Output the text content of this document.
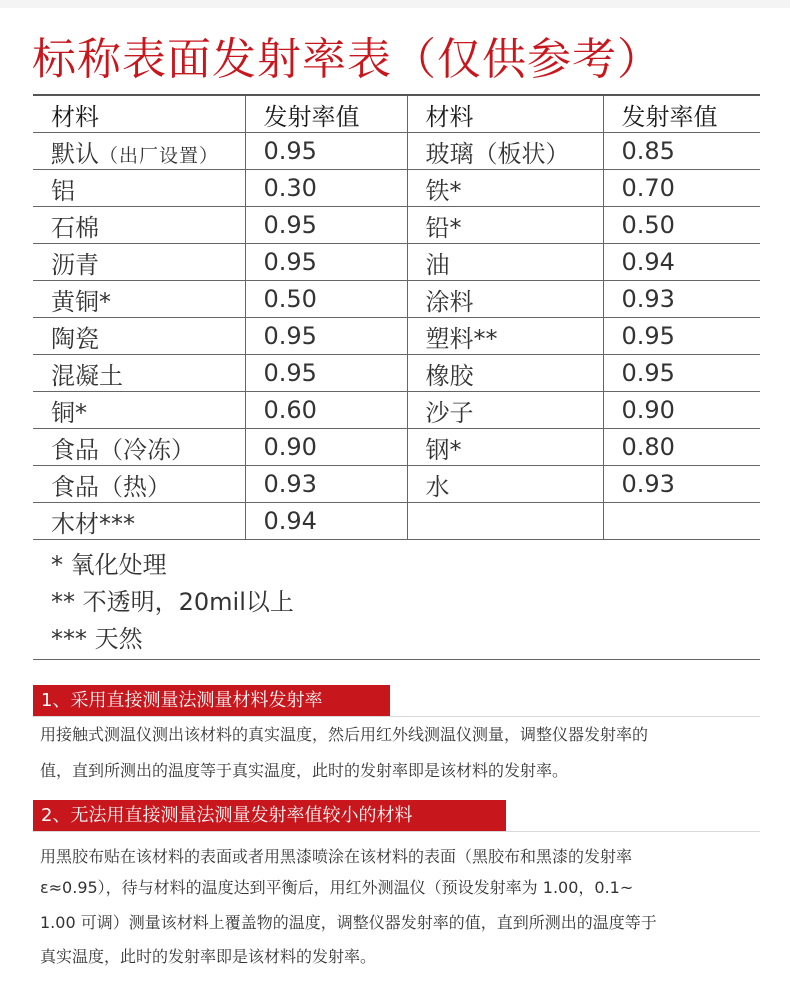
标称表面发射率表（仅供参考）
材料	发射率值	材料	发射率值
默认（出厂设置）	0.95	玻璃（板状）	0.85
铝	0.30	铁*	0.70
石棉	0.95	铅*	0.50
沥青	0.95	油	0.94
黄铜*	0.50	涂料	0.93
陶瓷	0.95	塑料**	0.95
混凝土	0.95	橡胶	0.95
铜*	0.60	沙子	0.90
食品（冷冻）	0.90	钢*	0.80
食品（热）	0.93	水	0.93
木材***	0.94		
* 氧化处理
** 不透明，20mil以上
*** 天然
1、采用直接测量法测量材料发射率
用接触式测温仪测出该材料的真实温度，然后用红外线测温仪测量，调整仪器发射率的
值，直到所测出的温度等于真实温度，此时的发射率即是该材料的发射率。
2、无法用直接测量法测量发射率值较小的材料
用黑胶布贴在该材料的表面或者用黑漆喷涂在该材料的表面（黑胶布和黑漆的发射率
ε≈0.95），待与材料的温度达到平衡后，用红外测温仪（预设发射率为 1.00，0.1~
1.00 可调）测量该材料上覆盖物的温度，调整仪器发射率的值，直到所测出的温度等于
真实温度，此时的发射率即是该材料的发射率。
